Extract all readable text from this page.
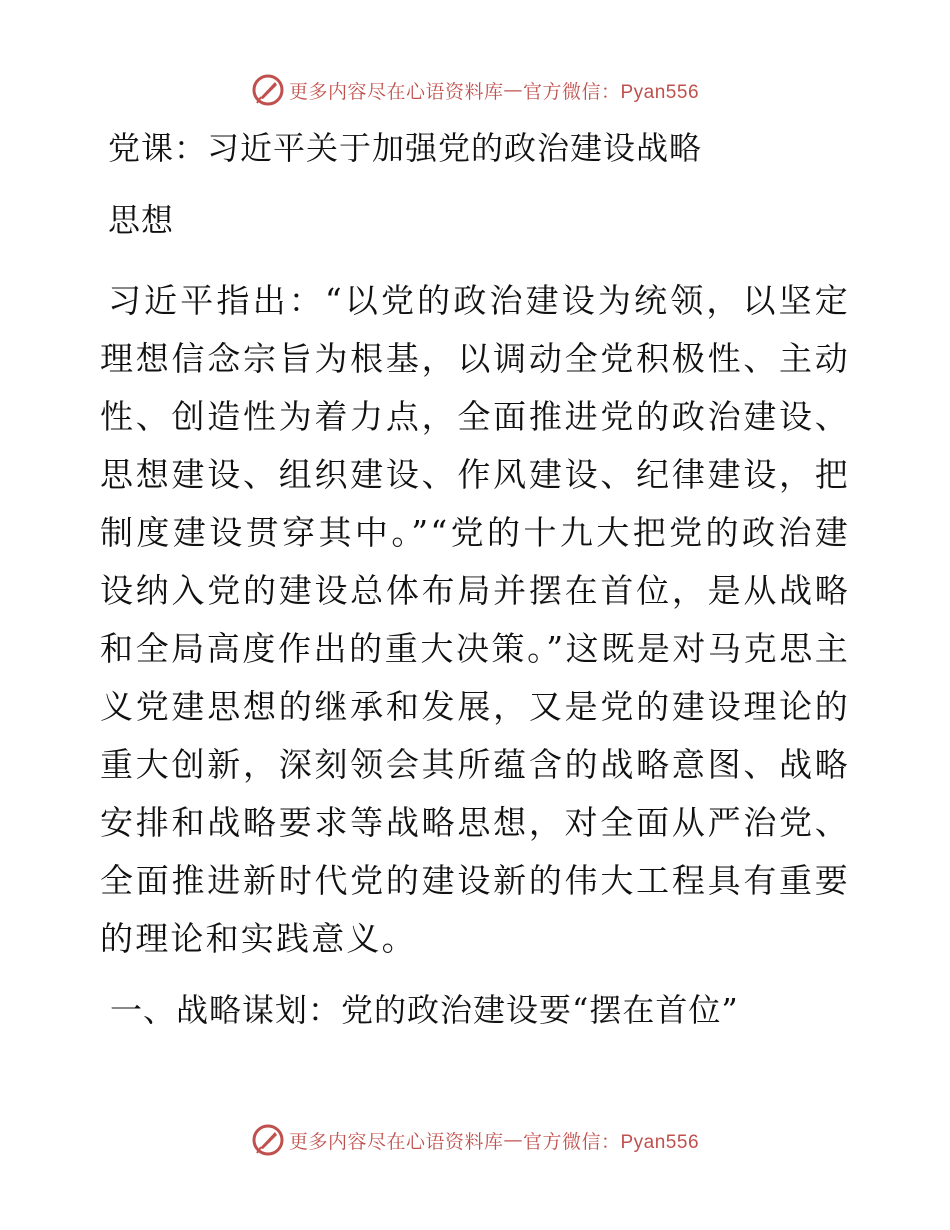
更多内容尽在心语资料库 — 官方微信：Pyan556
党课：习近平关于加强党的政治建设战略
思想
习近平指出：“以党的政治建设为统领，以坚定理想信念宗旨为根基，以调动全党积极性、主动性、创造性为着力点，全面推进党的政治建设、思想建设、组织建设、作风建设、纪律建设，把制度建设贯穿其中。”“党的十九大把党的政治建设纳入党的建设总体布局并摆在首位，是从战略和全局高度作出的重大决策。”这既是对马克思主义党建思想的继承和发展，又是党的建设理论的重大创新，深刻领会其所蕴含的战略意图、战略安排和战略要求等战略思想，对全面从严治党、全面推进新时代党的建设新的伟大工程具有重要的理论和实践意义。
一、战略谋划：党的政治建设要“摆在首位”
更多内容尽在心语资料库 — 官方微信：Pyan556
